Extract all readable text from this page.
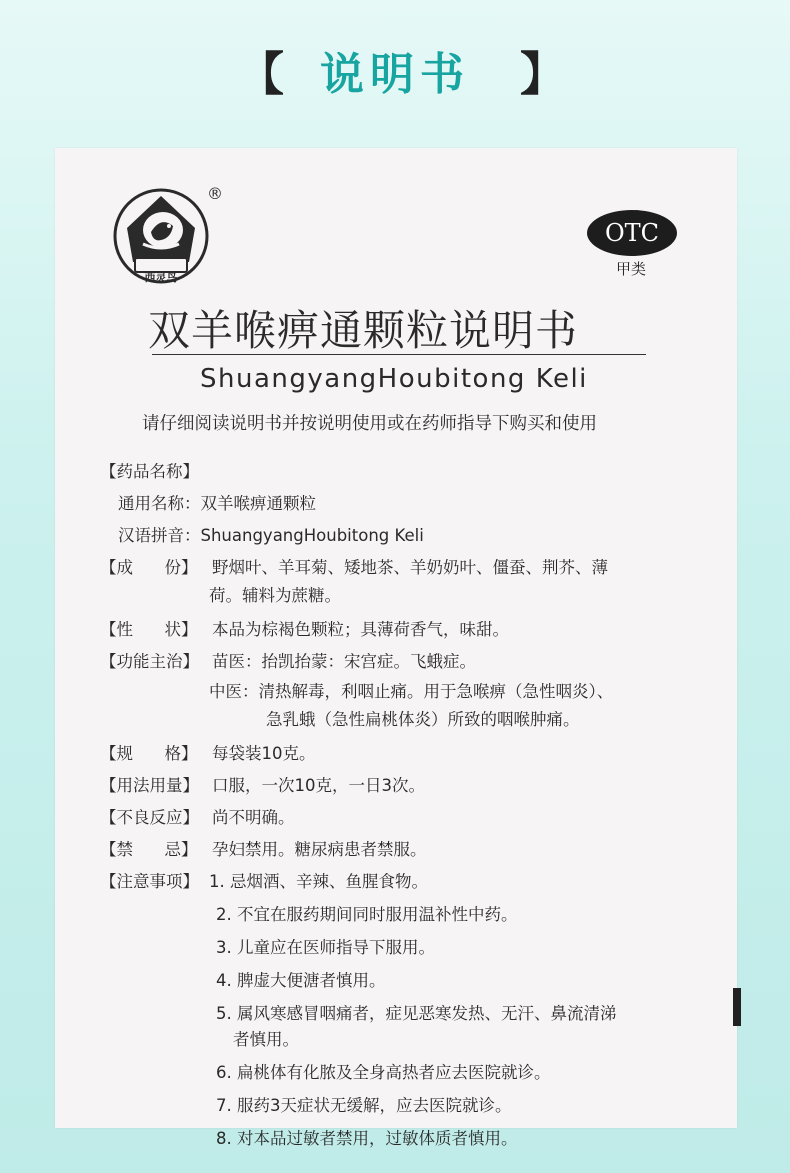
【 说明书	】
西灵鸟
®
OTC
甲类
双羊喉痹通颗粒说明书
ShuangyangHoubitong Keli
请仔细阅读说明书并按说明使用或在药师指导下购买和使用
【药品名称】
通用名称：双羊喉痹通颗粒
汉语拼音：ShuangyangHoubitong Keli
【成      份】 野烟叶、羊耳菊、矮地茶、羊奶奶叶、僵蚕、荆芥、薄
荷。辅料为蔗糖。
【性      状】 本品为棕褐色颗粒；具薄荷香气，味甜。
【功能主治】 苗医：抬凯抬蒙：宋宫症。飞蛾症。
中医：清热解毒，利咽止痛。用于急喉痹（急性咽炎）、
急乳蛾（急性扁桃体炎）所致的咽喉肿痛。
【规      格】 每袋装10克。
【用法用量】 口服，一次10克，一日3次。
【不良反应】 尚不明确。
【禁      忌】 孕妇禁用。糖尿病患者禁服。
【注意事项】 1. 忌烟酒、辛辣、鱼腥食物。
2. 不宜在服药期间同时服用温补性中药。
3. 儿童应在医师指导下服用。
4. 脾虚大便溏者慎用。
5. 属风寒感冒咽痛者，症见恶寒发热、无汗、鼻流清涕
者慎用。
6. 扁桃体有化脓及全身高热者应去医院就诊。
7. 服药3天症状无缓解，应去医院就诊。
8. 对本品过敏者禁用，过敏体质者慎用。
